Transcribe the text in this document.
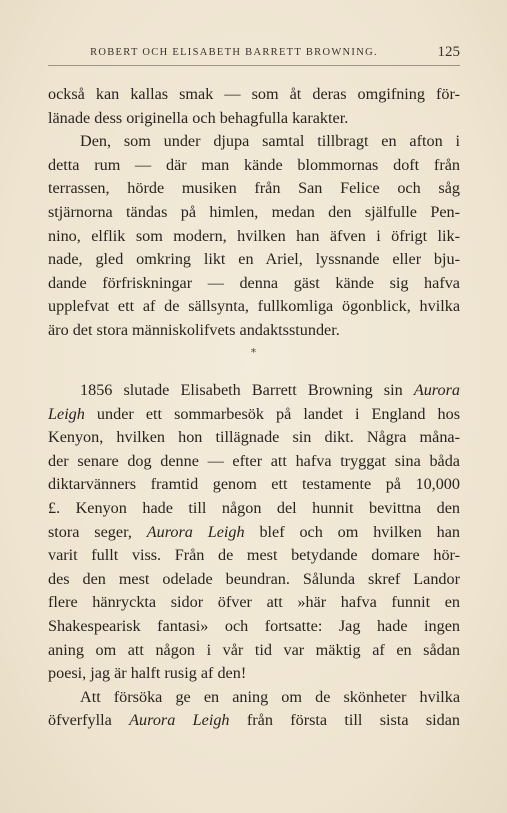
ROBERT OCH ELISABETH BARRETT BROWNING.	125
också kan kallas smak — som åt deras omgifning för-
länade dess originella och behagfulla karakter.
Den, som under djupa samtal tillbragt en afton i
detta rum — där man kände blommornas doft från
terrassen, hörde musiken från San Felice och såg
stjärnorna tändas på himlen, medan den själfulle Pen-
nino, elflik som modern, hvilken han äfven i öfrigt lik-
nade, gled omkring likt en Ariel, lyssnande eller bju-
dande förfriskningar — denna gäst kände sig hafva
upplefvat ett af de sällsynta, fullkomliga ögonblick, hvilka
äro det stora människolifvets andaktsstunder.
*
1856 slutade Elisabeth Barrett Browning sin Aurora
Leigh under ett sommarbesök på landet i England hos
Kenyon, hvilken hon tillägnade sin dikt. Några måna-
der senare dog denne — efter att hafva tryggat sina båda
diktarvänners framtid genom ett testamente på 10,000
£. Kenyon hade till någon del hunnit bevittna den
stora seger, Aurora Leigh blef och om hvilken han
varit fullt viss. Från de mest betydande domare hör-
des den mest odelade beundran. Sålunda skref Landor
flere hänryckta sidor öfver att »här hafva funnit en
Shakespearisk fantasi» och fortsatte: Jag hade ingen
aning om att någon i vår tid var mäktig af en sådan
poesi, jag är halft rusig af den!
Att försöka ge en aning om de skönheter hvilka
öfverfylla Aurora Leigh från första till sista sidan
